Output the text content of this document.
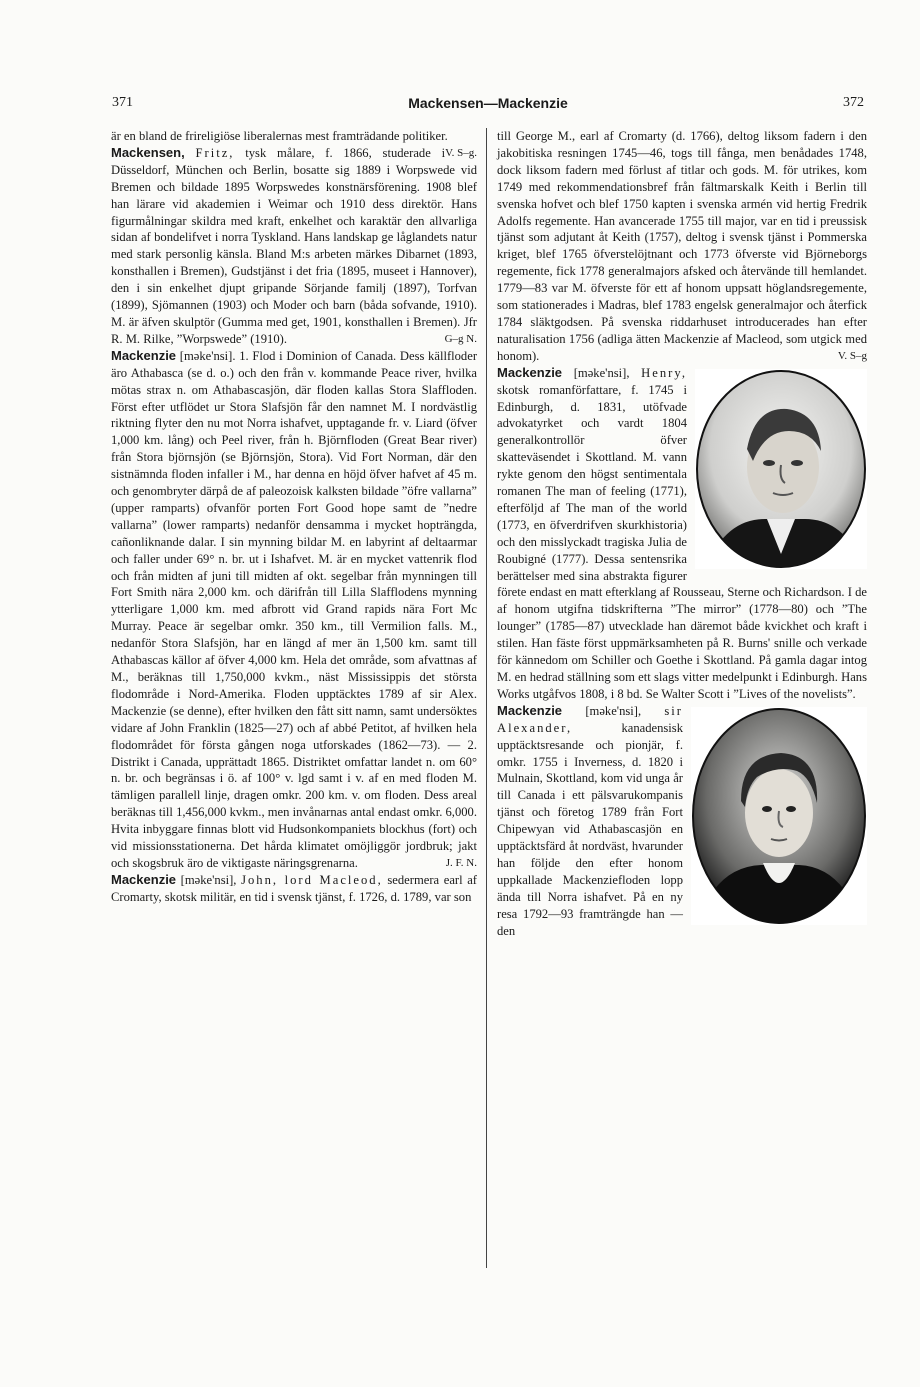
371	Mackensen—Mackenzie	372

är en bland de frireligiöse liberalernas mest framträdande politiker.
V. S–g.

Mackensen, Fritz, tysk målare, f. 1866, studerade i Düsseldorf, München och Berlin, bosatte sig 1889 i Worpswede vid Bremen och bildade 1895 Worpswedes konstnärsförening. 1908 blef han lärare vid akademien i Weimar och 1910 dess direktör. Hans figurmålningar skildra med kraft, enkelhet och karaktär den allvarliga sidan af bondelifvet i norra Tyskland. Hans landskap ge låglandets natur med stark personlig känsla. Bland M:s arbeten märkes Dibarnet (1893, konsthallen i Bremen), Gudstjänst i det fria (1895, museet i Hannover), den i sin enkelhet djupt gripande Sörjande familj (1897), Torfvan (1899), Sjömannen (1903) och Moder och barn (båda sofvande, 1910). M. är äfven skulptör (Gumma med get, 1901, konsthallen i Bremen). Jfr R. M. Rilke, ”Worpswede” (1910).	G–g N.

Mackenzie [məke'nsi]. 1. Flod i Dominion of Canada. Dess källfloder äro Athabasca (se d. o.) och den från v. kommande Peace river, hvilka mötas strax n. om Athabascasjön, där floden kallas Stora Slaffloden. Först efter utflödet ur Stora Slafsjön får den namnet M. I nordvästlig riktning flyter den nu mot Norra ishafvet, upptagande fr. v. Liard (öfver 1,000 km. lång) och Peel river, från h. Björnfloden (Great Bear river) från Stora björnsjön (se Björnsjön, Stora). Vid Fort Norman, där den sistnämnda floden infaller i M., har denna en höjd öfver hafvet af 45 m. och genombryter därpå de af paleozoisk kalksten bildade ”öfre vallarna” (upper ramparts) ofvanför porten Fort Good hope samt de ”nedre vallarna” (lower ramparts) nedanför densamma i mycket hopträngda, cañonliknande dalar. I sin mynning bildar M. en labyrint af deltaarmar och faller under 69° n. br. ut i Ishafvet. M. är en mycket vattenrik flod och från midten af juni till midten af okt. segelbar från mynningen till Fort Smith nära 2,000 km. och därifrån till Lilla Slafflodens mynning ytterligare 1,000 km. med afbrott vid Grand rapids nära Fort Mc Murray. Peace är segelbar omkr. 350 km., till Vermilion falls. M., nedanför Stora Slafsjön, har en längd af mer än 1,500 km. samt till Athabascas källor af öfver 4,000 km. Hela det område, som afvattnas af M., beräknas till 1,750,000 kvkm., näst Mississippis det största flodområde i Nord-Amerika. Floden upptäcktes 1789 af sir Alex. Mackenzie (se denne), efter hvilken den fått sitt namn, samt undersöktes vidare af John Franklin (1825—27) och af abbé Petitot, af hvilken hela flodområdet för första gången noga utforskades (1862—73). — 2. Distrikt i Canada, upprättadt 1865. Distriktet omfattar landet n. om 60° n. br. och begränsas i ö. af 100° v. lgd samt i v. af en med floden M. tämligen parallell linje, dragen omkr. 200 km. v. om floden. Dess areal beräknas till 1,456,000 kvkm., men invånarnas antal endast omkr. 6,000. Hvita inbyggare finnas blott vid Hudsonkompaniets blockhus (fort) och vid missionsstationerna. Det hårda klimatet omöjliggör jordbruk; jakt och skogsbruk äro de viktigaste näringsgrenarna.	J. F. N.

Mackenzie [məke'nsi], John, lord Macleod, sedermera earl af Cromarty, skotsk militär, en tid i svensk tjänst, f. 1726, d. 1789, var son

till George M., earl af Cromarty (d. 1766), deltog liksom fadern i den jakobitiska resningen 1745—46, togs till fånga, men benådades 1748, dock liksom fadern med förlust af titlar och gods. M. för utrikes, kom 1749 med rekommendationsbref från fältmarskalk Keith i Berlin till svenska hofvet och blef 1750 kapten i svenska armén vid hertig Fredrik Adolfs regemente. Han avancerade 1755 till major, var en tid i preussisk tjänst som adjutant åt Keith (1757), deltog i svensk tjänst i Pommerska kriget, blef 1765 öfverstelöjtnant och 1773 öfverste vid Björneborgs regemente, fick 1778 generalmajors afsked och återvände till hemlandet. 1779—83 var M. öfverste för ett af honom uppsatt höglandsregemente, som stationerades i Madras, blef 1783 engelsk generalmajor och återfick 1784 släktgodsen. På svenska riddarhuset introducerades han efter naturalisation 1756 (adliga ätten Mackenzie af Macleod, som utgick med honom).	V. S–g

Mackenzie [məke'nsi], Henry,
skotsk romanförfattare, f. 1745 i Edinburgh, d. 1831, utöfvade advokatyrket och vardt 1804 generalkontrollör öfver skatteväsendet i Skottland. M. vann rykte genom den högst sentimentala romanen The man of feeling (1771), efterföljd af The man of the world (1773, en öfverdrifven skurkhistoria) och den misslyckadt tragiska Julia de Roubigné (1777). Dessa sentensrika berättelser med sina abstrakta figurer förete endast en matt efterklang af Rousseau, Sterne och Richardson. I de af honom utgifna tidskrifterna ”The mirror” (1778—80) och ”The lounger” (1785—87) utvecklade han däremot både kvickhet och kraft i stilen. Han fäste först uppmärksamheten på R. Burns' snille och verkade för kännedom om Schiller och Goethe i Skottland. På gamla dagar intog M. en hedrad ställning som ett slags vitter medelpunkt i Edinburgh. Hans Works utgåfvos 1808, i 8 bd. Se Walter Scott i ”Lives of the novelists”.

Mackenzie [məke'nsi], sir Alexander,	kanadensisk upptäcktsresande och pionjär, f. omkr. 1755 i Inverness, d. 1820 i Mulnain, Skottland, kom vid unga år till Canada i ett pälsvarukompanis tjänst och företog 1789 från Fort Chipewyan vid Athabascasjön en upptäcktsfärd åt nordväst, hvarunder han följde den efter honom uppkallade Mackenziefloden lopp ända till Norra ishafvet. På en ny resa 1792—93 framträngde han — den
